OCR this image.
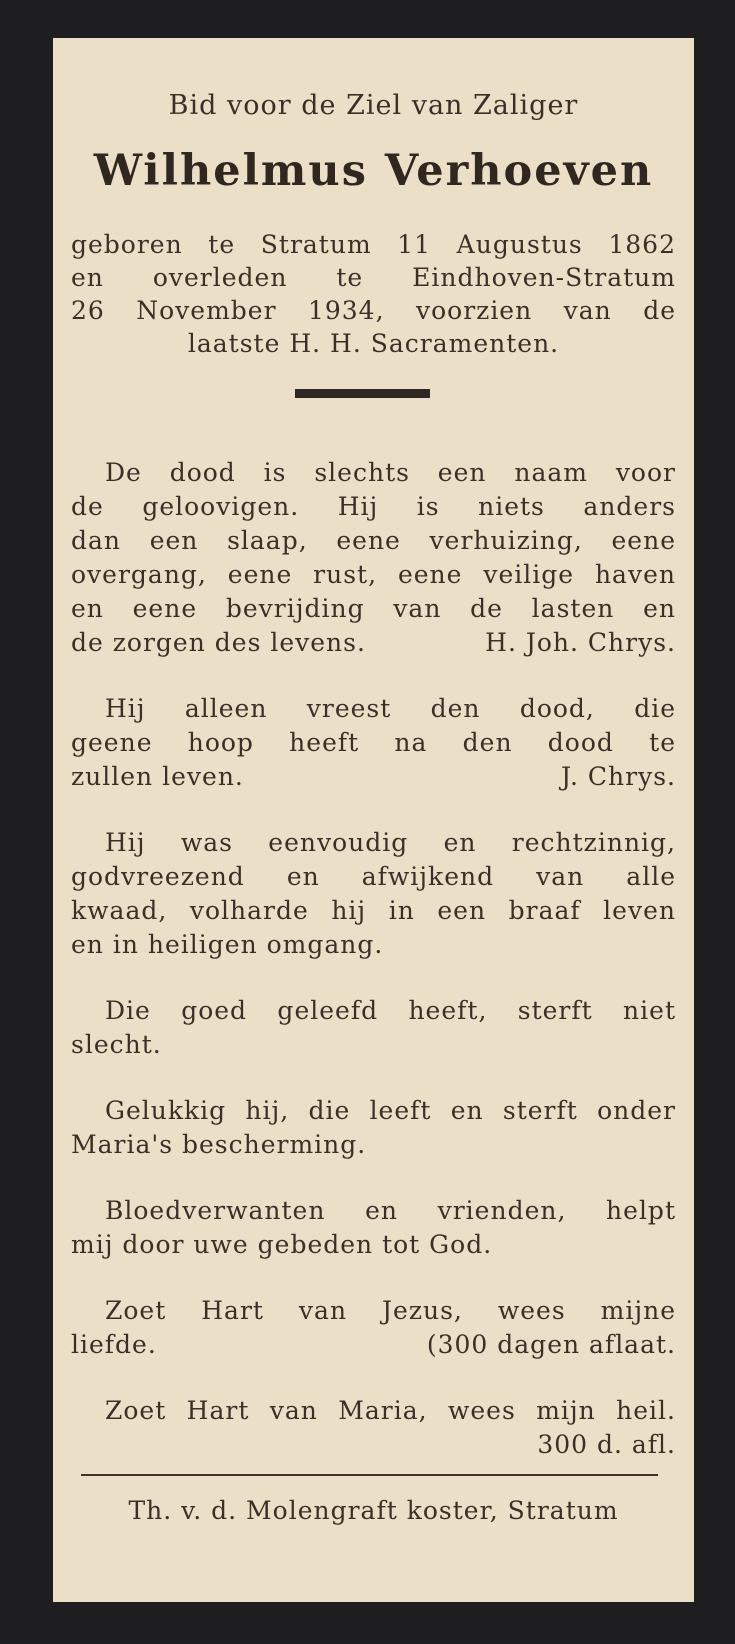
Bid voor de Ziel van Zaliger
Wilhelmus Verhoeven
geboren te Stratum 11 Augustus 1862
en overleden te Eindhoven-Stratum
26 November 1934, voorzien van de
laatste H. H. Sacramenten.
De dood is slechts een naam voor
de geloovigen. Hij is niets anders
dan een slaap, eene verhuizing, eene
overgang, eene rust, eene veilige haven
en eene bevrijding van de lasten en
de zorgen des levens.	H. Joh. Chrys.
Hij alleen vreest den dood, die
geene hoop heeft na den dood te
zullen leven.	J. Chrys.
Hij was eenvoudig en rechtzinnig,
godvreezend en afwijkend van alle
kwaad, volharde hij in een braaf leven
en in heiligen omgang.
Die goed geleefd heeft, sterft niet
slecht.
Gelukkig hij, die leeft en sterft onder
Maria's bescherming.
Bloedverwanten en vrienden, helpt
mij door uwe gebeden tot God.
Zoet Hart van Jezus, wees mijne
liefde.	(300 dagen aflaat.
Zoet Hart van Maria, wees mijn heil.
300 d. afl.
Th. v. d. Molengraft koster, Stratum
